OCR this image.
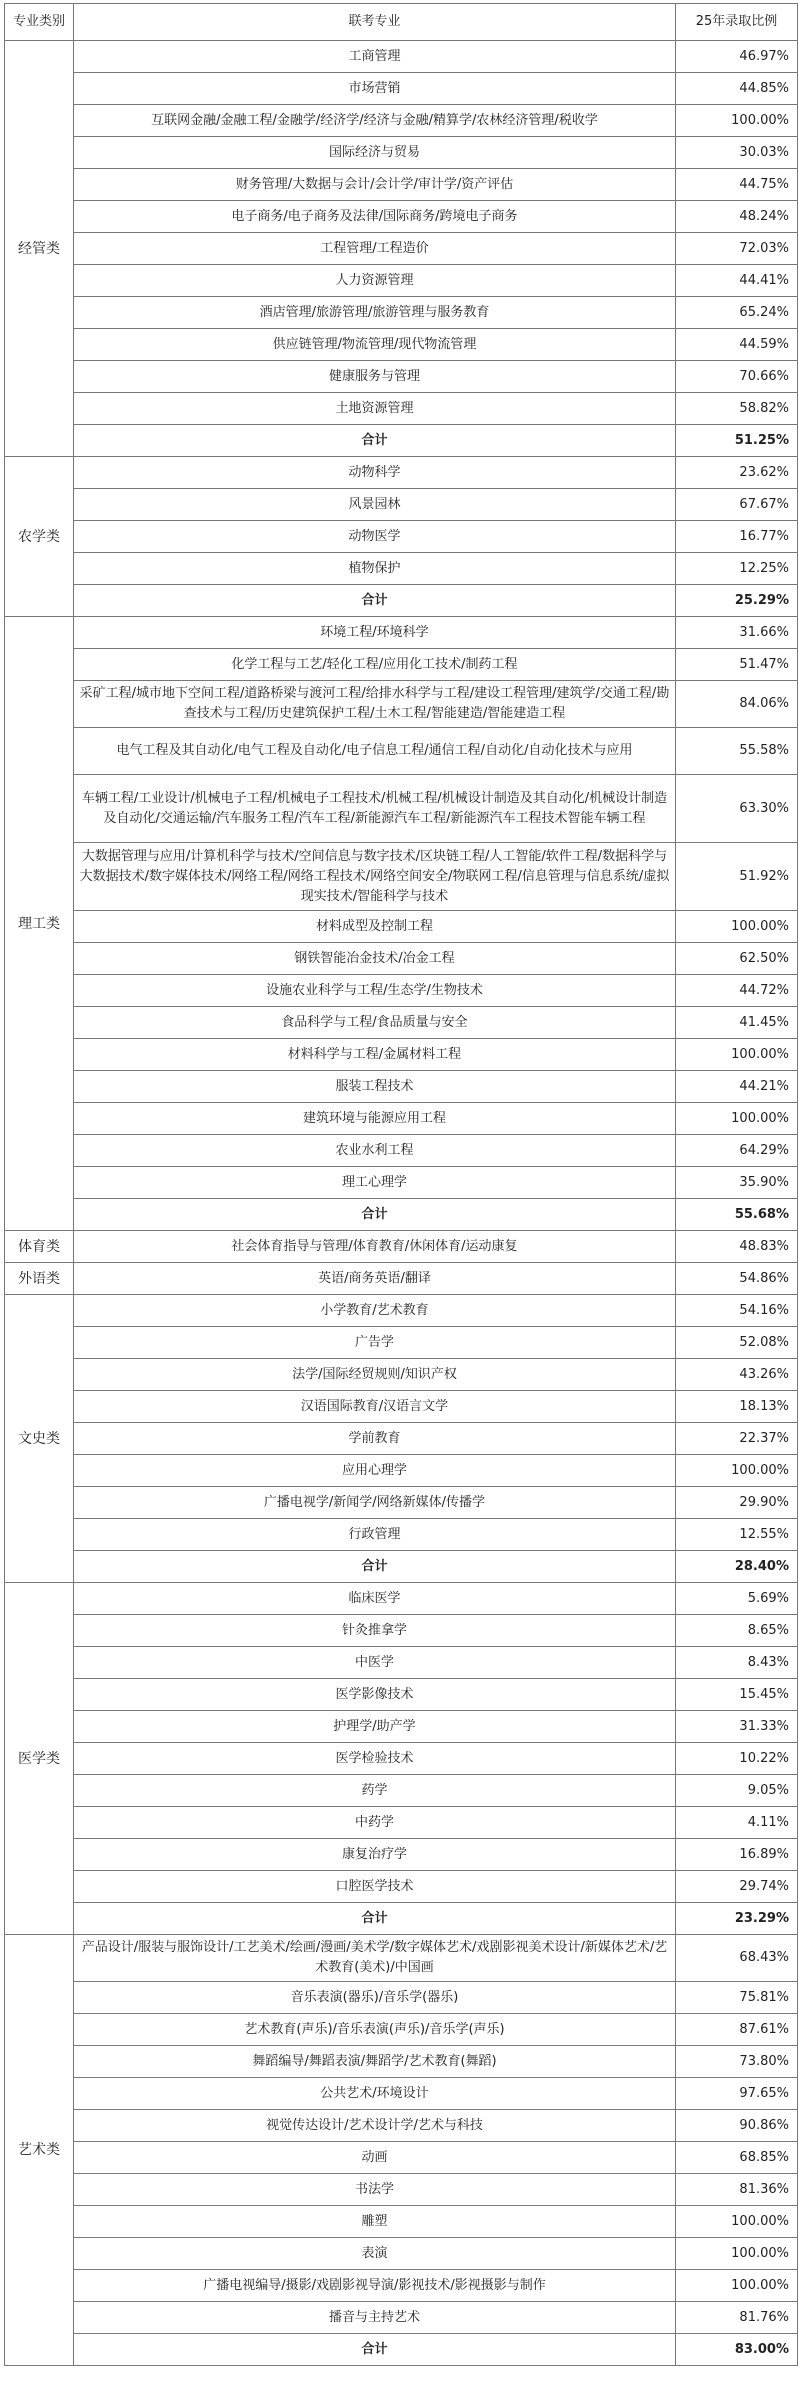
专业类别	联考专业	25年录取比例
经管类	工商管理	46.97%
	市场营销	44.85%
	互联网金融/金融工程/金融学/经济学/经济与金融/精算学/农林经济管理/税收学	100.00%
	国际经济与贸易	30.03%
	财务管理/大数据与会计/会计学/审计学/资产评估	44.75%
	电子商务/电子商务及法律/国际商务/跨境电子商务	48.24%
	工程管理/工程造价	72.03%
	人力资源管理	44.41%
	酒店管理/旅游管理/旅游管理与服务教育	65.24%
	供应链管理/物流管理/现代物流管理	44.59%
	健康服务与管理	70.66%
	土地资源管理	58.82%
	合计	51.25%
农学类	动物科学	23.62%
	风景园林	67.67%
	动物医学	16.77%
	植物保护	12.25%
	合计	25.29%
理工类	环境工程/环境科学	31.66%
	化学工程与工艺/轻化工程/应用化工技术/制药工程	51.47%
	采矿工程/城市地下空间工程/道路桥梁与渡河工程/给排水科学与工程/建设工程管理/建筑学/交通工程/勘查技术与工程/历史建筑保护工程/土木工程/智能建造/智能建造工程	84.06%
	电气工程及其自动化/电气工程及自动化/电子信息工程/通信工程/自动化/自动化技术与应用	55.58%
	车辆工程/工业设计/机械电子工程/机械电子工程技术/机械工程/机械设计制造及其自动化/机械设计制造及自动化/交通运输/汽车服务工程/汽车工程/新能源汽车工程/新能源汽车工程技术智能车辆工程	63.30%
	大数据管理与应用/计算机科学与技术/空间信息与数字技术/区块链工程/人工智能/软件工程/数据科学与大数据技术/数字媒体技术/网络工程/网络工程技术/网络空间安全/物联网工程/信息管理与信息系统/虚拟现实技术/智能科学与技术	51.92%
	材料成型及控制工程	100.00%
	钢铁智能冶金技术/冶金工程	62.50%
	设施农业科学与工程/生态学/生物技术	44.72%
	食品科学与工程/食品质量与安全	41.45%
	材料科学与工程/金属材料工程	100.00%
	服装工程技术	44.21%
	建筑环境与能源应用工程	100.00%
	农业水利工程	64.29%
	理工心理学	35.90%
	合计	55.68%
体育类	社会体育指导与管理/体育教育/休闲体育/运动康复	48.83%
外语类	英语/商务英语/翻译	54.86%
文史类	小学教育/艺术教育	54.16%
	广告学	52.08%
	法学/国际经贸规则/知识产权	43.26%
	汉语国际教育/汉语言文学	18.13%
	学前教育	22.37%
	应用心理学	100.00%
	广播电视学/新闻学/网络新媒体/传播学	29.90%
	行政管理	12.55%
	合计	28.40%
医学类	临床医学	5.69%
	针灸推拿学	8.65%
	中医学	8.43%
	医学影像技术	15.45%
	护理学/助产学	31.33%
	医学检验技术	10.22%
	药学	9.05%
	中药学	4.11%
	康复治疗学	16.89%
	口腔医学技术	29.74%
	合计	23.29%
艺术类	产品设计/服装与服饰设计/工艺美术/绘画/漫画/美术学/数字媒体艺术/戏剧影视美术设计/新媒体艺术/艺术教育(美术)/中国画	68.43%
	音乐表演(器乐)/音乐学(器乐)	75.81%
	艺术教育(声乐)/音乐表演(声乐)/音乐学(声乐)	87.61%
	舞蹈编导/舞蹈表演/舞蹈学/艺术教育(舞蹈)	73.80%
	公共艺术/环境设计	97.65%
	视觉传达设计/艺术设计学/艺术与科技	90.86%
	动画	68.85%
	书法学	81.36%
	雕塑	100.00%
	表演	100.00%
	广播电视编导/摄影/戏剧影视导演/影视技术/影视摄影与制作	100.00%
	播音与主持艺术	81.76%
	合计	83.00%
